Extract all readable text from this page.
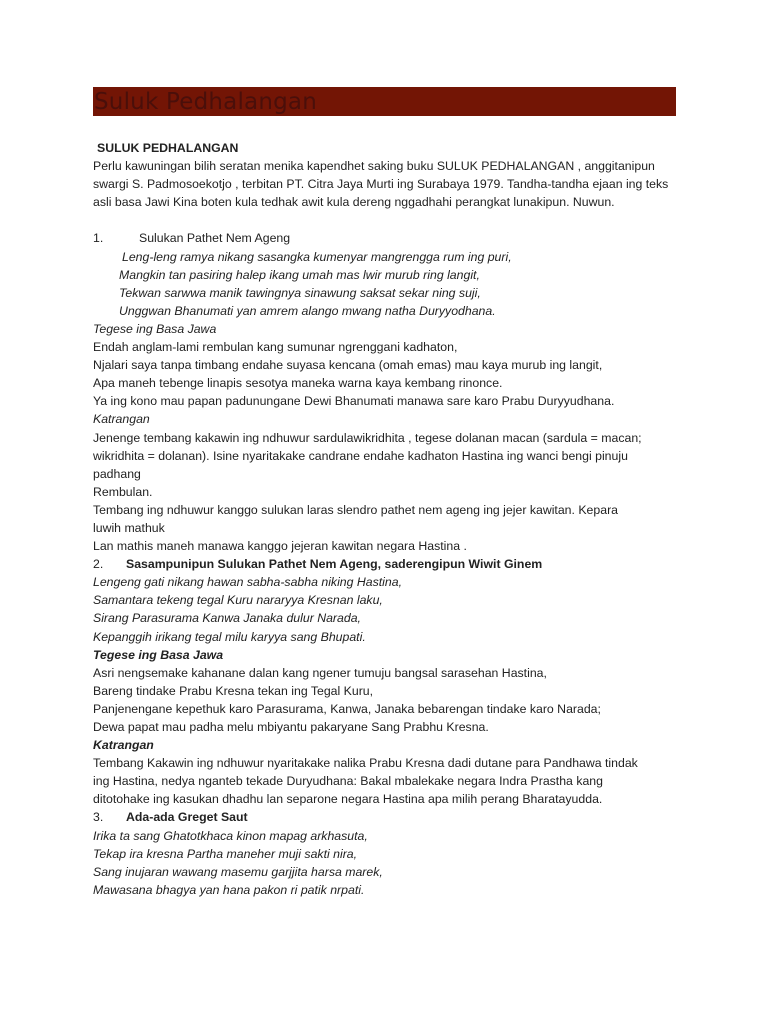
Suluk Pedhalangan

SULUK PEDHALANGAN

Perlu kawuningan bilih seratan menika kapendhet saking buku SULUK PEDHALANGAN , anggitanipun swargi S. Padmosoekotjo , terbitan PT. Citra Jaya Murti ing Surabaya 1979. Tandha-tandha ejaan ing teks asli basa Jawi Kina boten kula tedhak awit kula dereng nggadhahi perangkat lunakipun. Nuwun.

1.	Sulukan Pathet Nem Ageng

Leng-leng ramya nikang sasangka kumenyar mangrengga rum ing puri,

Mangkin tan pasiring halep ikang umah mas lwir murub ring langit,

Tekwan sarwwa manik tawingnya sinawung saksat sekar ning suji,

Unggwan Bhanumati yan amrem alango mwang natha Duryyodhana.

Tegese ing Basa Jawa

Endah anglam-lami rembulan kang sumunar ngrenggani kadhaton,

Njalari saya tanpa timbang endahe suyasa kencana (omah emas) mau kaya murub ing langit,

Apa maneh tebenge linapis sesotya maneka warna kaya kembang rinonce.

Ya ing kono mau papan padunungane Dewi Bhanumati manawa sare karo Prabu Duryyudhana.

Katrangan

Jenenge tembang kakawin ing ndhuwur sardulawikridhita , tegese dolanan macan (sardula = macan;

wikridhita = dolanan). Isine nyaritakake candrane endahe kadhaton Hastina ing wanci bengi pinuju

padhang

Rembulan.

Tembang ing ndhuwur kanggo sulukan laras slendro pathet nem ageng ing jejer kawitan. Kepara

luwih mathuk

Lan mathis maneh manawa kanggo jejeran kawitan negara Hastina .

2. Sasampunipun Sulukan Pathet Nem Ageng, saderengipun Wiwit Ginem

Lengeng gati nikang hawan sabha-sabha niking Hastina,

Samantara tekeng tegal Kuru nararyya Kresnan laku,

Sirang Parasurama Kanwa Janaka dulur Narada,

Kepanggih irikang tegal milu karyya sang Bhupati.

Tegese ing Basa Jawa

Asri nengsemake kahanane dalan kang ngener tumuju bangsal sarasehan Hastina,

Bareng tindake Prabu Kresna tekan ing Tegal Kuru,

Panjenengane kepethuk karo Parasurama, Kanwa, Janaka bebarengan tindake karo Narada;

Dewa papat mau padha melu mbiyantu pakaryane Sang Prabhu Kresna.

Katrangan

Tembang Kakawin ing ndhuwur nyaritakake nalika Prabu Kresna dadi dutane para Pandhawa tindak

ing Hastina, nedya nganteb tekade Duryudhana: Bakal mbalekake negara Indra Prastha kang

ditotohake ing kasukan dhadhu lan separone negara Hastina apa milih perang Bharatayudda.

3. Ada-ada Greget Saut

Irika ta sang Ghatotkhaca kinon mapag arkhasuta,

Tekap ira kresna Partha maneher muji sakti nira,

Sang inujaran wawang masemu garjjita harsa marek,

Mawasana bhagya yan hana pakon ri patik nrpati.
